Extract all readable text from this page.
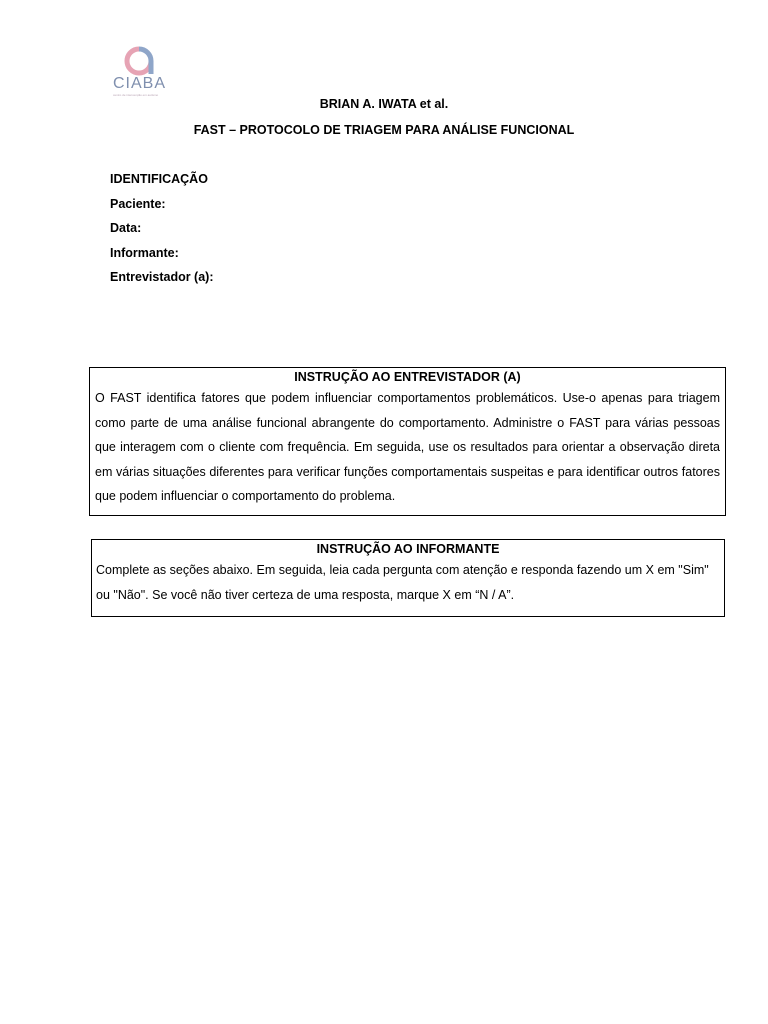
CIABA
centro de intervenção em autismo
BRIAN A. IWATA et al.
FAST – PROTOCOLO DE TRIAGEM PARA ANÁLISE FUNCIONAL
IDENTIFICAÇÃO
Paciente:
Data:
Informante:
Entrevistador (a):
INSTRUÇÃO AO ENTREVISTADOR (A)
O FAST identifica fatores que podem influenciar comportamentos problemáticos. Use-o apenas para triagem como parte de uma análise funcional abrangente do comportamento. Administre o FAST para várias pessoas que interagem com o cliente com frequência. Em seguida, use os resultados para orientar a observação direta em várias situações diferentes para verificar funções comportamentais suspeitas e para identificar outros fatores que podem influenciar o comportamento do problema.
INSTRUÇÃO AO INFORMANTE
Complete as seções abaixo. Em seguida, leia cada pergunta com atenção e responda fazendo um X em "Sim" ou "Não". Se você não tiver certeza de uma resposta, marque X em “N / A”.
